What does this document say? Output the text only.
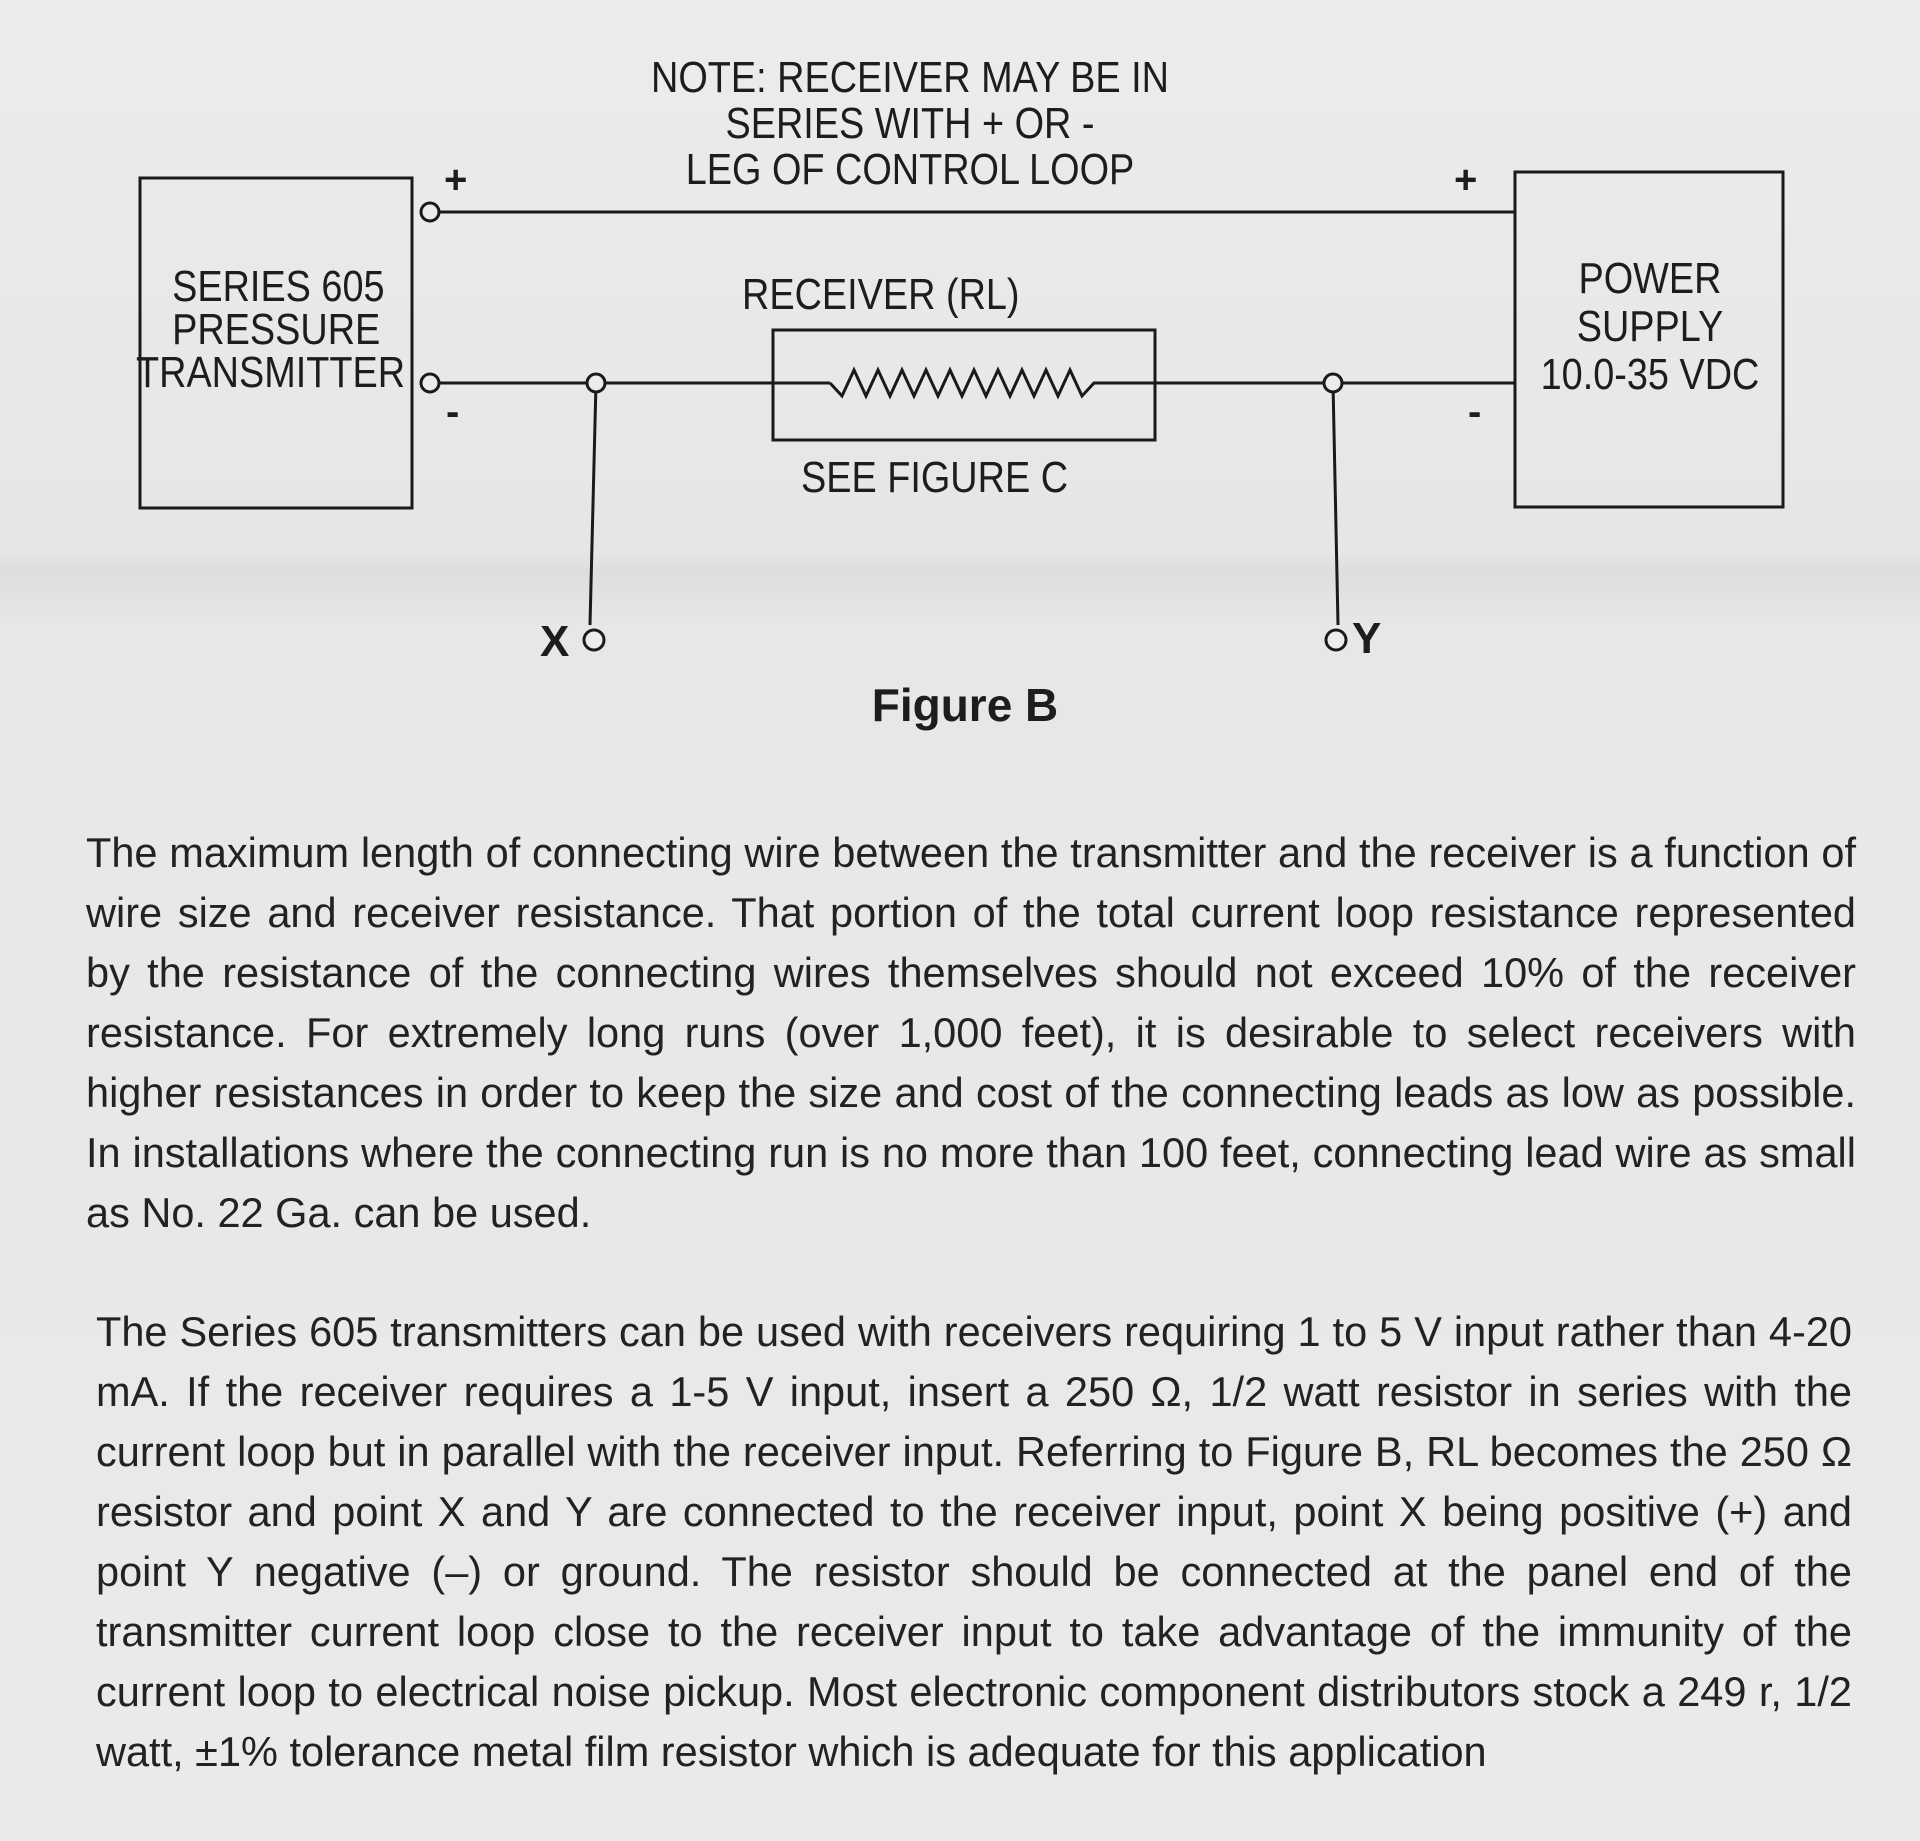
NOTE: RECEIVER MAY BE IN
SERIES WITH + OR -
LEG OF CONTROL LOOP
SERIES 605
PRESSURE
TRANSMITTER
POWER
SUPPLY
10.0-35 VDC
RECEIVER (RL)
SEE FIGURE C
+
-
+
-
X	Y
Figure B

The maximum length of connecting wire between the transmitter and the receiver is a function of wire size and receiver resistance. That portion of the total current loop resistance represented by the resistance of the connecting wires themselves should not exceed 10% of the receiver resistance. For extremely long runs (over 1,000 feet), it is desirable to select receivers with higher resistances in order to keep the size and cost of the connecting leads as low as possible. In installations where the connecting run is no more than 100 feet, connecting lead wire as small as No. 22 Ga. can be used.

The Series 605 transmitters can be used with receivers requiring 1 to 5 V input rather than 4-20 mA. If the receiver requires a 1-5 V input, insert a 250 Ω, 1/2 watt resistor in series with the current loop but in parallel with the receiver input. Referring to Figure B, RL becomes the 250 Ω resistor and point X and Y are connected to the receiver input, point X being positive (+) and point Y negative (–) or ground. The resistor should be connected at the panel end of the transmitter current loop close to the receiver input to take advantage of the immunity of the current loop to electrical noise pickup. Most electronic component distributors stock a 249 r, 1/2 watt, ±1% tolerance metal film resistor which is adequate for this application
